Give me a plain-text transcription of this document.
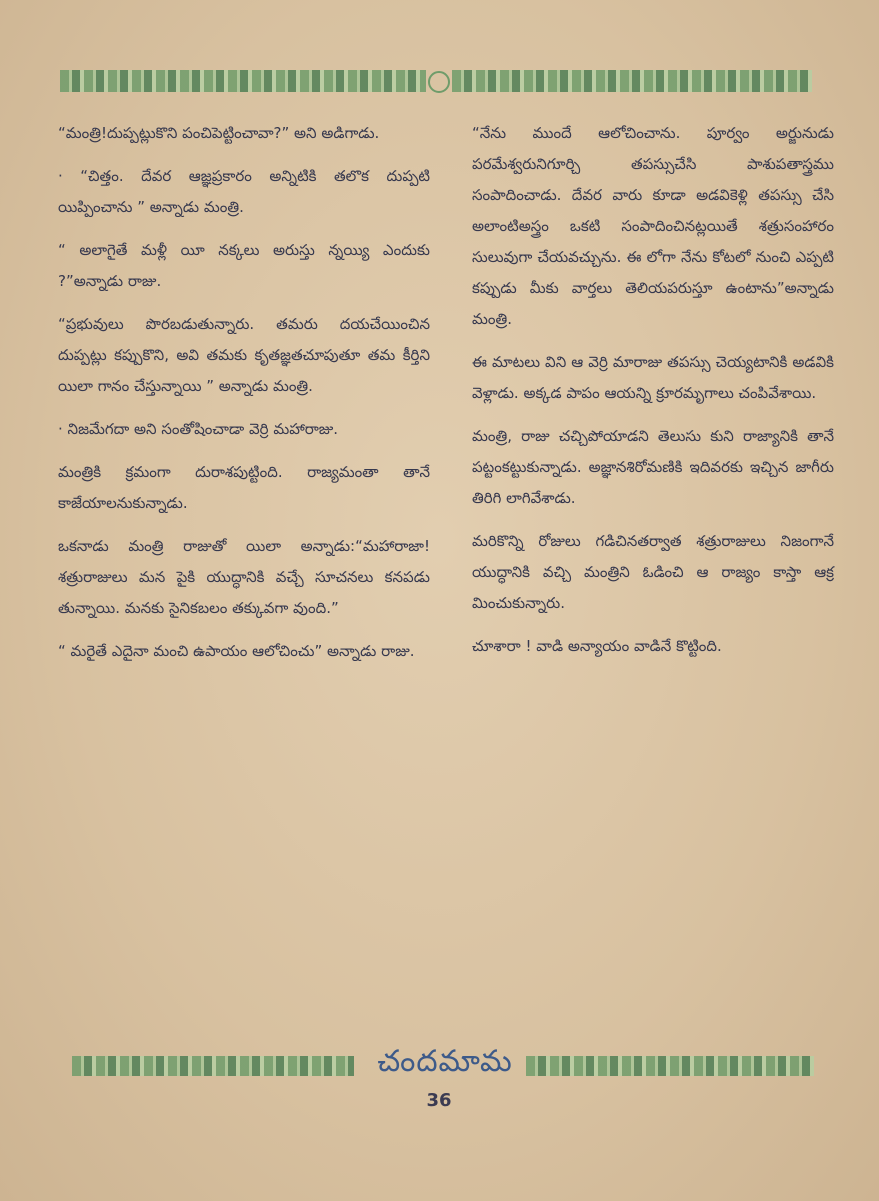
“మంత్రి!దుప్పట్లుకొని పంచిపెట్టించావా?” అని అడిగాడు.

· “చిత్తం. దేవర ఆజ్ఞప్రకారం అన్నిటికి తలొక దుప్పటి యిప్పించాను ” అన్నాడు మంత్రి.

“ అలాగైతే మళ్లీ యీ నక్కలు అరుస్తు న్నయ్యి ఎందుకు ?”అన్నాడు రాజు.

“ప్రభువులు పొరబడుతున్నారు. తమరు దయచేయించిన దుప్పట్లు కప్పుకొని, అవి తమకు కృతజ్ఞతచూపుతూ తమ కీర్తిని యిలా గానం చేస్తున్నాయి ” అన్నాడు మంత్రి.

· నిజమేగదా అని సంతోషించాడా వెర్రి మహారాజు.

మంత్రికి క్రమంగా దురాశపుట్టింది. రాజ్యమంతా తానే కాజేయాలనుకున్నాడు.

ఒకనాడు మంత్రి రాజుతో యిలా అన్నాడు:“మహారాజా! శత్రురాజులు మన పైకి యుద్ధానికి వచ్చే సూచనలు కనపడు తున్నాయి. మనకు సైనికబలం తక్కువగా వుంది.”

“ మరైతే ఎదైనా మంచి ఉపాయం ఆలోచించు” అన్నాడు రాజు.

“నేను ముందే ఆలోచించాను. పూర్వం అర్జునుడు పరమేశ్వరునిగూర్చి తపస్సుచేసి పాశుపతాస్త్రము సంపాదించాడు. దేవర వారు కూడా అడవికెళ్లి తపస్సు చేసి అలాంటిఅస్త్రం ఒకటి సంపాదించినట్లయితే శత్రుసంహారం సులువుగా చేయవచ్చును. ఈ లోగా నేను కోటలో నుంచి ఎప్పటి కప్పుడు మీకు వార్తలు తెలియపరుస్తూ ఉంటాను”అన్నాడు మంత్రి.

ఈ మాటలు విని ఆ వెర్రి మారాజు తపస్సు చెయ్యటానికి అడవికి వెళ్లాడు. అక్కడ పాపం ఆయన్ని క్రూరమృగాలు చంపివేశాయి.

మంత్రి, రాజు చచ్చిపోయాడని తెలుసు కుని రాజ్యానికి తానే పట్టంకట్టుకున్నాడు. అజ్ఞానశిరోమణికి ఇదివరకు ఇచ్చిన జాగీరు తిరిగి లాగివేశాడు.

మరికొన్ని రోజులు గడిచినతర్వాత శత్రురాజులు నిజంగానే యుద్ధానికి వచ్చి మంత్రిని ఓడించి ఆ రాజ్యం కాస్తా ఆక్ర మించుకున్నారు.

చూశారా ! వాడి అన్యాయం వాడినే కొట్టింది.

చందమామ
36
